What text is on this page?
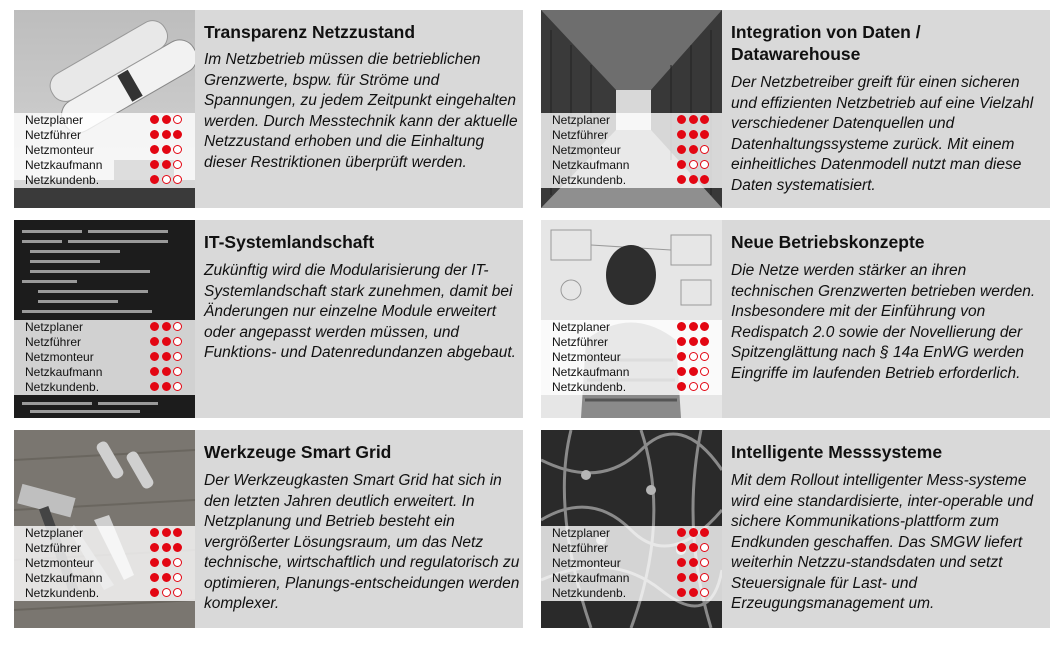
Netzplaner
Netzführer
Netzmonteur
Netzkaufmann
Netzkundenb.
Transparenz Netzzustand
Im Netzbetrieb müssen die betrieblichen Grenzwerte, bspw. für Ströme und Spannungen, zu jedem Zeitpunkt eingehalten werden. Durch Messtechnik kann der aktuelle Netzzustand erhoben und die Einhaltung dieser Restriktionen überprüft werden.
Netzplaner
Netzführer
Netzmonteur
Netzkaufmann
Netzkundenb.
Integration von Daten / Datawarehouse
Der Netzbetreiber greift für einen sicheren und effizienten Netzbetrieb auf eine Vielzahl verschiedener Datenquellen und Datenhaltungssysteme zurück. Mit einem einheitliches Datenmodell nutzt man diese Daten systematisiert.
Netzplaner
Netzführer
Netzmonteur
Netzkaufmann
Netzkundenb.
IT-Systemlandschaft
Zukünftig wird die Modularisierung der IT-Systemlandschaft stark zunehmen, damit bei Änderungen nur einzelne Module erweitert oder angepasst werden müssen, und Funktions- und Datenredundanzen abgebaut.
Netzplaner
Netzführer
Netzmonteur
Netzkaufmann
Netzkundenb.
Neue Betriebskonzepte
Die Netze werden stärker an ihren technischen Grenzwerten betrieben werden. Insbesondere mit der Einführung von Redispatch 2.0 sowie der Novellierung der Spitzenglättung nach § 14a EnWG werden Eingriffe im laufenden Betrieb erforderlich.
Netzplaner
Netzführer
Netzmonteur
Netzkaufmann
Netzkundenb.
Werkzeuge Smart Grid
Der Werkzeugkasten Smart Grid hat sich in den letzten Jahren deutlich erweitert. In Netzplanung und Betrieb besteht ein vergrößerter Lösungsraum, um das Netz technische, wirtschaftlich und regulatorisch zu optimieren, Planungs-entscheidungen werden komplexer.
Netzplaner
Netzführer
Netzmonteur
Netzkaufmann
Netzkundenb.
Intelligente Messsysteme
Mit dem Rollout intelligenter Mess-systeme wird eine standardisierte, inter-operable und sichere Kommunikations-plattform zum Endkunden geschaffen. Das SMGW liefert weiterhin Netzzu-standsdaten und setzt Steuersignale für Last- und Erzeugungsmanagement um.
